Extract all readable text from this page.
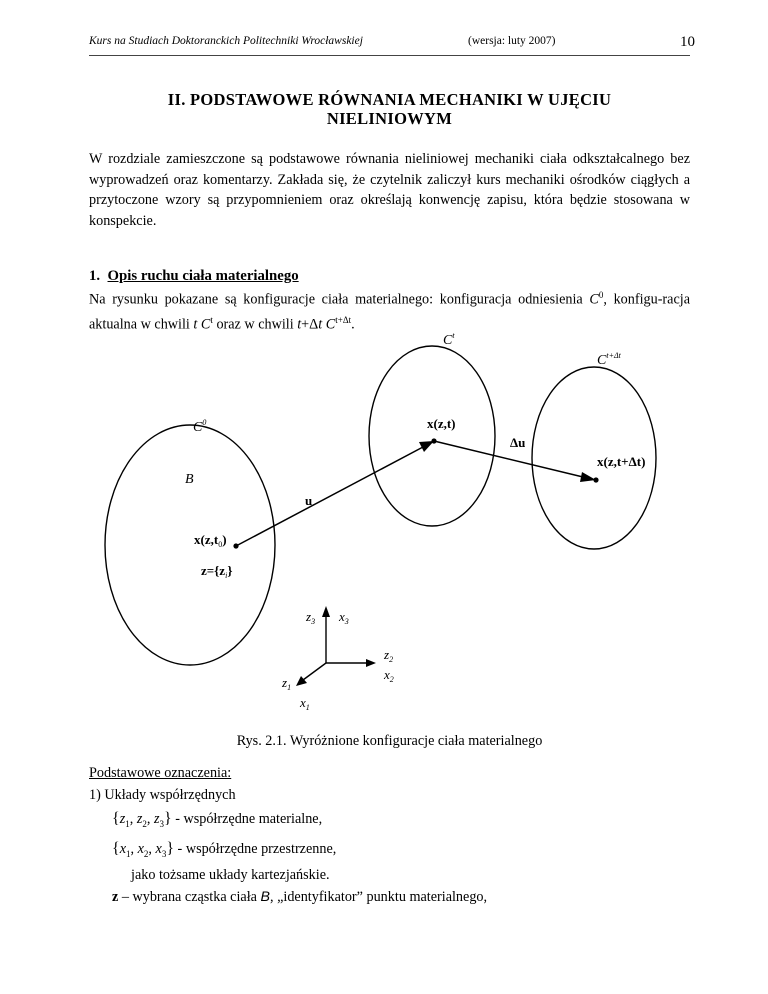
Kurs na Studiach Doktoranckich Politechniki Wrocławskiej	(wersja: luty 2007)	10
II. PODSTAWOWE RÓWNANIA MECHANIKI W UJĘCIU
NIELINIOWYM
W rozdziale zamieszczone są podstawowe równania nieliniowej mechaniki ciała odkształcalnego bez wyprowadzeń oraz komentarzy. Zakłada się, że czytelnik zaliczył kurs mechaniki ośrodków ciągłych a przytoczone wzory są przypomnieniem oraz określają konwencję zapisu, która będzie stosowana w konspekcie.
1. Opis ruchu ciała materialnego
Na rysunku pokazane są konfiguracje ciała materialnego: konfiguracja odniesienia $C^0$, konfigu-racja aktualna w chwili t $C^t$ oraz w chwili t+Δt $C^{t+\Delta t}$.
$C^0$
$C^t$
$C^{t+\Delta t}$
B
$x(z,t_0)$
x(z,t)
x(z,t+Δt)
u
Δu
$z=\{z_i\}$
$z_3$ $x_3$
$z_2$
$x_2$
$z_1$
$x_1$
Rys. 2.1. Wyróżnione konfiguracje ciała materialnego
Podstawowe oznaczenia:
1) Układy współrzędnych
{$z_1$, $z_2$, $z_3$} - współrzędne materialne,
{$x_1$, $x_2$, $x_3$} - współrzędne przestrzenne,
jako tożsame układy kartezjańskie.
z – wybrana cząstka ciała B, „identyfikator” punktu materialnego,
